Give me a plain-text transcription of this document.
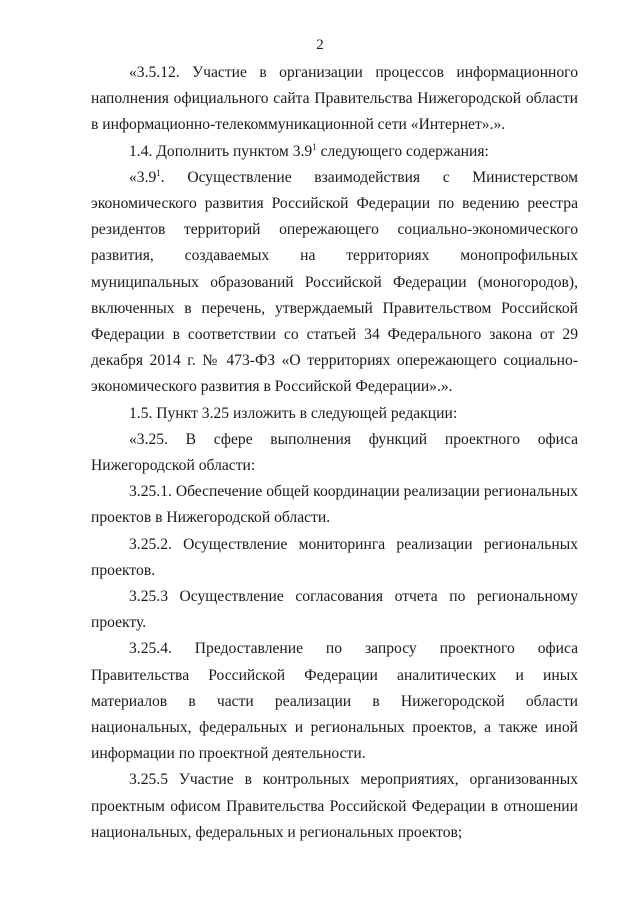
2

«3.5.12. Участие в организации процессов информационного наполнения официального сайта Правительства Нижегородской области в информационно-телекоммуникационной сети «Интернет».».

1.4. Дополнить пунктом $3.9^1$ следующего содержания:

«$3.9^1$. Осуществление взаимодействия с Министерством экономического развития Российской Федерации по ведению реестра резидентов территорий опережающего социально-экономического развития, создаваемых на территориях монопрофильных муниципальных образований Российской Федерации (моногородов), включенных в перечень, утверждаемый Правительством Российской Федерации в соответствии со статьей 34 Федерального закона от 29 декабря 2014 г. № 473-ФЗ «О территориях опережающего социально-экономического развития в Российской Федерации».».

1.5. Пункт 3.25 изложить в следующей редакции:

«3.25. В сфере выполнения функций проектного офиса Нижегородской области:

3.25.1. Обеспечение общей координации реализации региональных проектов в Нижегородской области.

3.25.2. Осуществление мониторинга реализации региональных проектов.

3.25.3 Осуществление согласования отчета по региональному проекту.

3.25.4. Предоставление по запросу проектного офиса Правительства Российской Федерации аналитических и иных материалов в части реализации в Нижегородской области национальных, федеральных и региональных проектов, а также иной информации по проектной деятельности.

3.25.5 Участие в контрольных мероприятиях, организованных проектным офисом Правительства Российской Федерации в отношении национальных, федеральных и региональных проектов;
